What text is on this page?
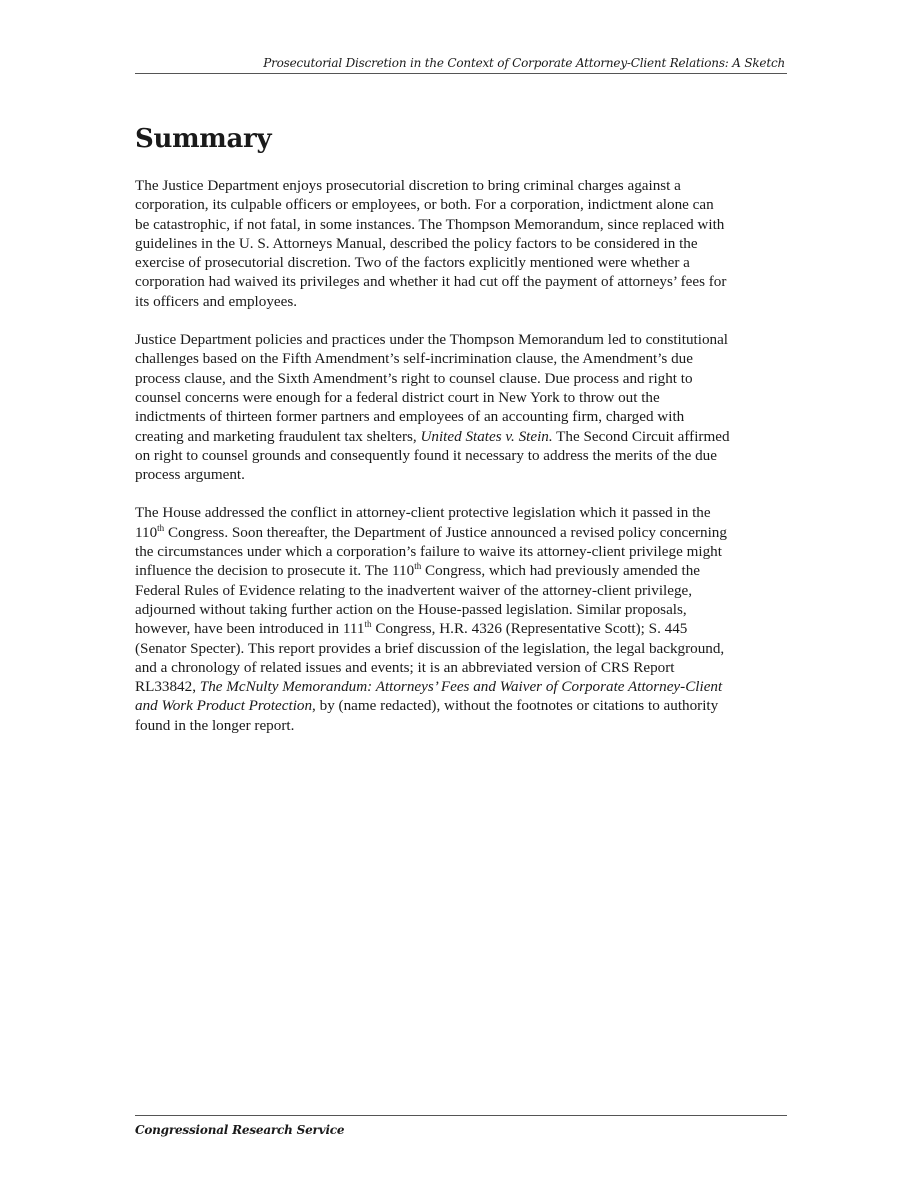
Prosecutorial Discretion in the Context of Corporate Attorney-Client Relations: A Sketch
Summary

The Justice Department enjoys prosecutorial discretion to bring criminal charges against a
corporation, its culpable officers or employees, or both. For a corporation, indictment alone can
be catastrophic, if not fatal, in some instances. The Thompson Memorandum, since replaced with
guidelines in the U. S. Attorneys Manual, described the policy factors to be considered in the
exercise of prosecutorial discretion. Two of the factors explicitly mentioned were whether a
corporation had waived its privileges and whether it had cut off the payment of attorneys’ fees for
its officers and employees.

Justice Department policies and practices under the Thompson Memorandum led to constitutional
challenges based on the Fifth Amendment’s self-incrimination clause, the Amendment’s due
process clause, and the Sixth Amendment’s right to counsel clause. Due process and right to
counsel concerns were enough for a federal district court in New York to throw out the
indictments of thirteen former partners and employees of an accounting firm, charged with
creating and marketing fraudulent tax shelters, United States v. Stein. The Second Circuit affirmed
on right to counsel grounds and consequently found it necessary to address the merits of the due
process argument.

The House addressed the conflict in attorney-client protective legislation which it passed in the
110th Congress. Soon thereafter, the Department of Justice announced a revised policy concerning
the circumstances under which a corporation’s failure to waive its attorney-client privilege might
influence the decision to prosecute it. The 110th Congress, which had previously amended the
Federal Rules of Evidence relating to the inadvertent waiver of the attorney-client privilege,
adjourned without taking further action on the House-passed legislation. Similar proposals,
however, have been introduced in 111th Congress, H.R. 4326 (Representative Scott); S. 445
(Senator Specter). This report provides a brief discussion of the legislation, the legal background,
and a chronology of related issues and events; it is an abbreviated version of CRS Report
RL33842, The McNulty Memorandum: Attorneys’ Fees and Waiver of Corporate Attorney-Client
and Work Product Protection, by (name redacted), without the footnotes or citations to authority
found in the longer report.

Congressional Research Service
